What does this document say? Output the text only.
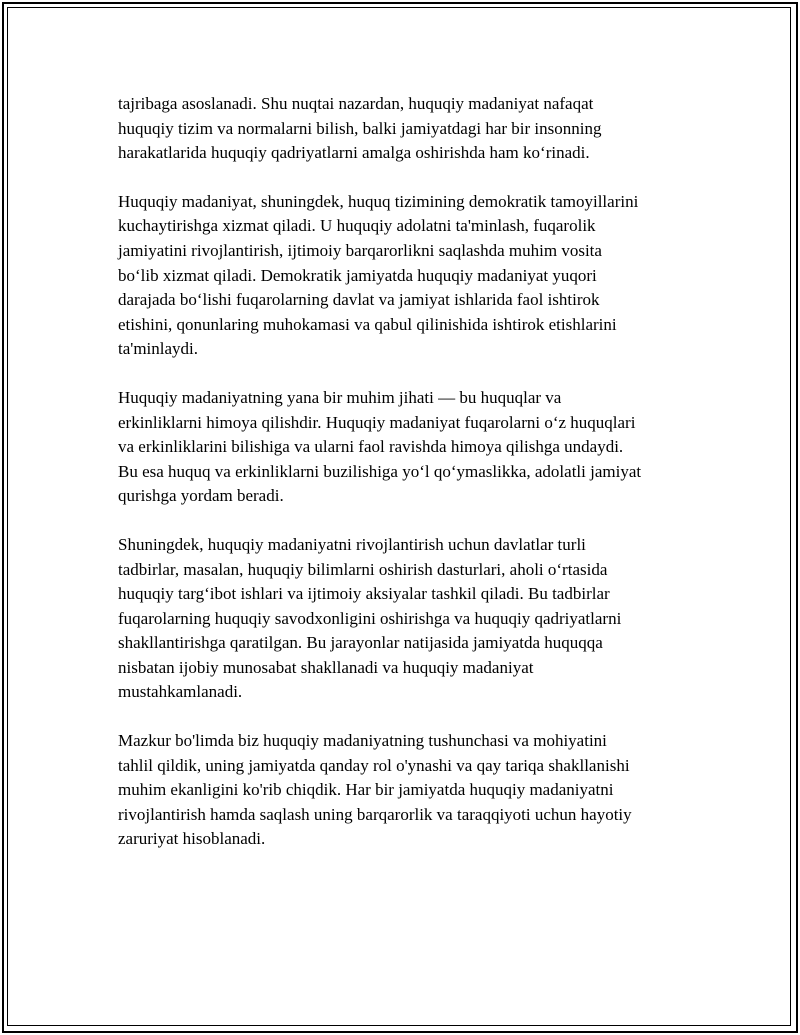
tajribaga asoslanadi. Shu nuqtai nazardan, huquqiy madaniyat nafaqat
huquqiy tizim va normalarni bilish, balki jamiyatdagi har bir insonning
harakatlarida huquqiy qadriyatlarni amalga oshirishda ham ko‘rinadi.

Huquqiy madaniyat, shuningdek, huquq tizimining demokratik tamoyillarini
kuchaytirishga xizmat qiladi. U huquqiy adolatni ta'minlash, fuqarolik
jamiyatini rivojlantirish, ijtimoiy barqarorlikni saqlashda muhim vosita
bo‘lib xizmat qiladi. Demokratik jamiyatda huquqiy madaniyat yuqori
darajada bo‘lishi fuqarolarning davlat va jamiyat ishlarida faol ishtirok
etishini, qonunlaring muhokamasi va qabul qilinishida ishtirok etishlarini
ta'minlaydi.

Huquqiy madaniyatning yana bir muhim jihati — bu huquqlar va
erkinliklarni himoya qilishdir. Huquqiy madaniyat fuqarolarni o‘z huquqlari
va erkinliklarini bilishiga va ularni faol ravishda himoya qilishga undaydi.
Bu esa huquq va erkinliklarni buzilishiga yo‘l qo‘ymaslikka, adolatli jamiyat
qurishga yordam beradi.

Shuningdek, huquqiy madaniyatni rivojlantirish uchun davlatlar turli
tadbirlar, masalan, huquqiy bilimlarni oshirish dasturlari, aholi o‘rtasida
huquqiy targ‘ibot ishlari va ijtimoiy aksiyalar tashkil qiladi. Bu tadbirlar
fuqarolarning huquqiy savodxonligini oshirishga va huquqiy qadriyatlarni
shakllantirishga qaratilgan. Bu jarayonlar natijasida jamiyatda huquqqa
nisbatan ijobiy munosabat shakllanadi va huquqiy madaniyat
mustahkamlanadi.

Mazkur bo'limda biz huquqiy madaniyatning tushunchasi va mohiyatini
tahlil qildik, uning jamiyatda qanday rol o'ynashi va qay tariqa shakllanishi
muhim ekanligini ko'rib chiqdik. Har bir jamiyatda huquqiy madaniyatni
rivojlantirish hamda saqlash uning barqarorlik va taraqqiyoti uchun hayotiy
zaruriyat hisoblanadi.
